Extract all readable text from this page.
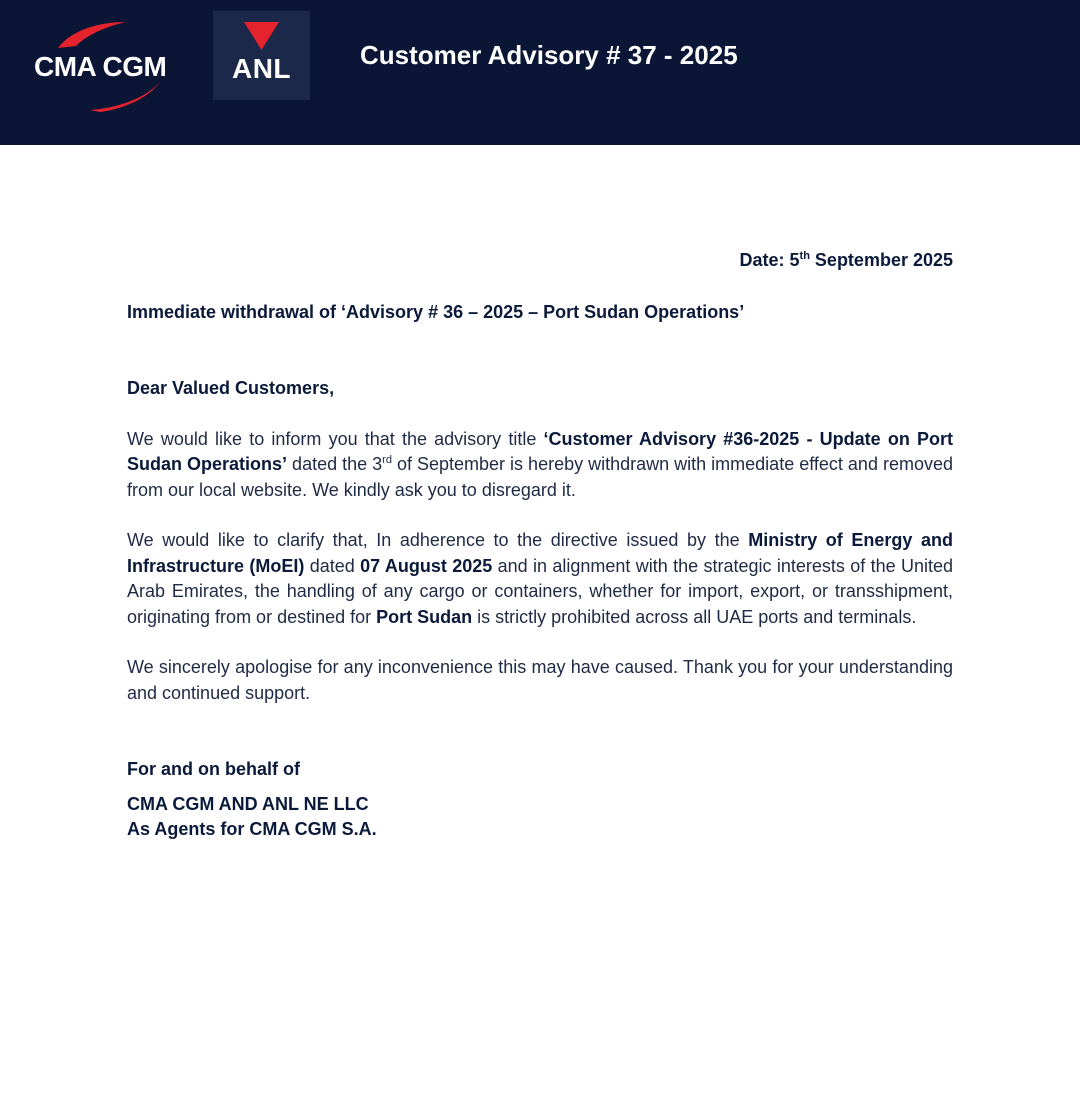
CMA CGM	ANL	Customer Advisory # 37 - 2025

Date: 5th September 2025

Immediate withdrawal of ‘Advisory # 36 – 2025 – Port Sudan Operations’

Dear Valued Customers,

We would like to inform you that the advisory title ‘Customer Advisory #36-2025 - Update on Port Sudan Operations’ dated the 3rd of September is hereby withdrawn with immediate effect and removed from our local website. We kindly ask you to disregard it.

We would like to clarify that, In adherence to the directive issued by the Ministry of Energy and Infrastructure (MoEI) dated 07 August 2025 and in alignment with the strategic interests of the United Arab Emirates, the handling of any cargo or containers, whether for import, export, or transshipment, originating from or destined for Port Sudan is strictly prohibited across all UAE ports and terminals.

We sincerely apologise for any inconvenience this may have caused. Thank you for your understanding and continued support.

For and on behalf of

CMA CGM AND ANL NE LLC
As Agents for CMA CGM S.A.
